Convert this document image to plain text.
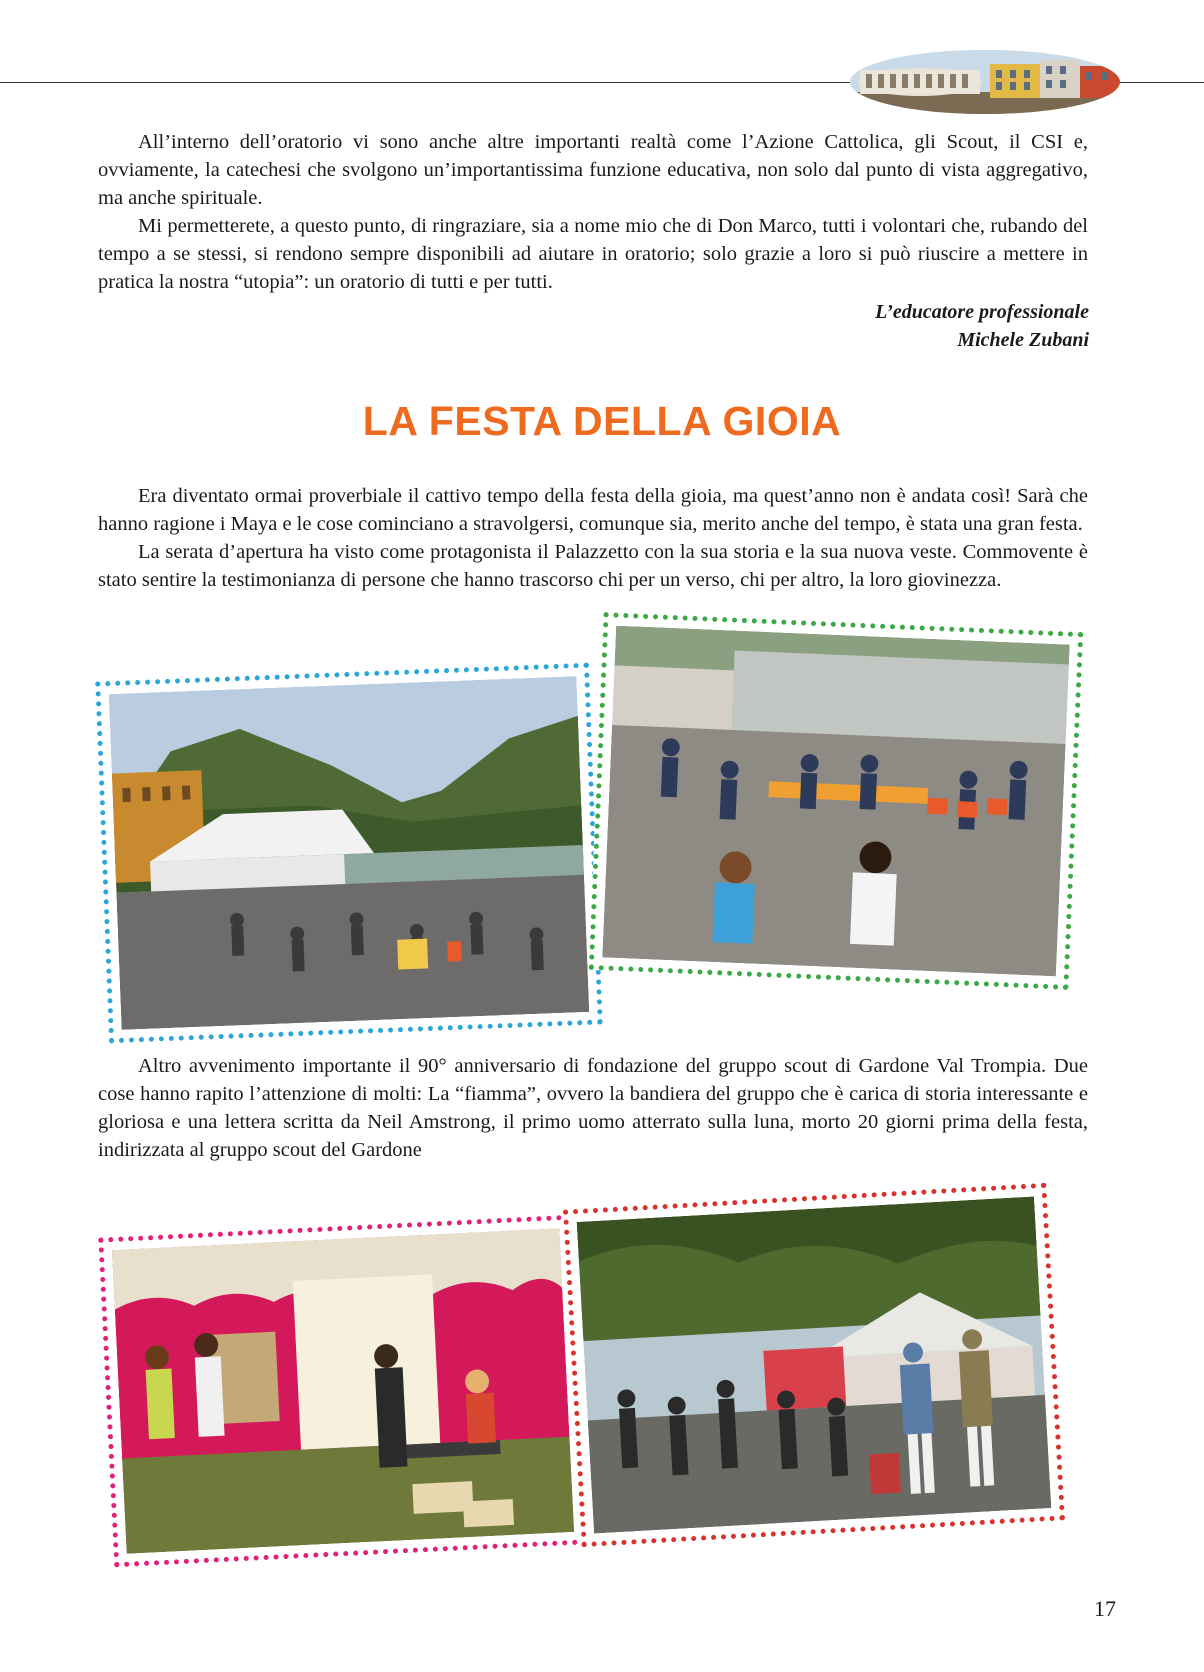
All’interno dell’oratorio vi sono anche altre importanti realtà come l’Azione Cattolica, gli Scout, il CSI e, ovviamente, la catechesi che svolgono un’importantissima funzione educativa, non solo dal punto di vista aggregativo, ma anche spirituale.

Mi permetterete, a questo punto, di ringraziare, sia a nome mio che di Don Marco, tutti i volontari che, rubando del tempo a se stessi, si rendono sempre disponibili ad aiutare in oratorio; solo grazie a loro si può riuscire a mettere in pratica la nostra “utopia”: un oratorio di tutti e per tutti.

L’educatore professionale
Michele Zubani
LA FESTA DELLA GIOIA

Era diventato ormai proverbiale il cattivo tempo della festa della gioia, ma quest’anno non è andata così! Sarà che hanno ragione i Maya e le cose cominciano a stravolgersi, comunque sia, merito anche del tempo, è stata una gran festa.

La serata d’apertura ha visto come protagonista il Palazzetto con la sua storia e la sua nuova veste. Commovente è stato sentire la testimonianza di persone che hanno trascorso chi per un verso, chi per altro, la loro giovinezza.

Altro avvenimento importante il 90° anniversario di fondazione del gruppo scout di Gardone Val Trompia. Due cose hanno rapito l’attenzione di molti: La “fiamma”, ovvero la bandiera del gruppo che è carica di storia interessante e gloriosa e una lettera scritta da Neil Amstrong, il primo uomo atterrato sulla luna, morto 20 giorni prima della festa, indirizzata al gruppo scout del Gardone

17
